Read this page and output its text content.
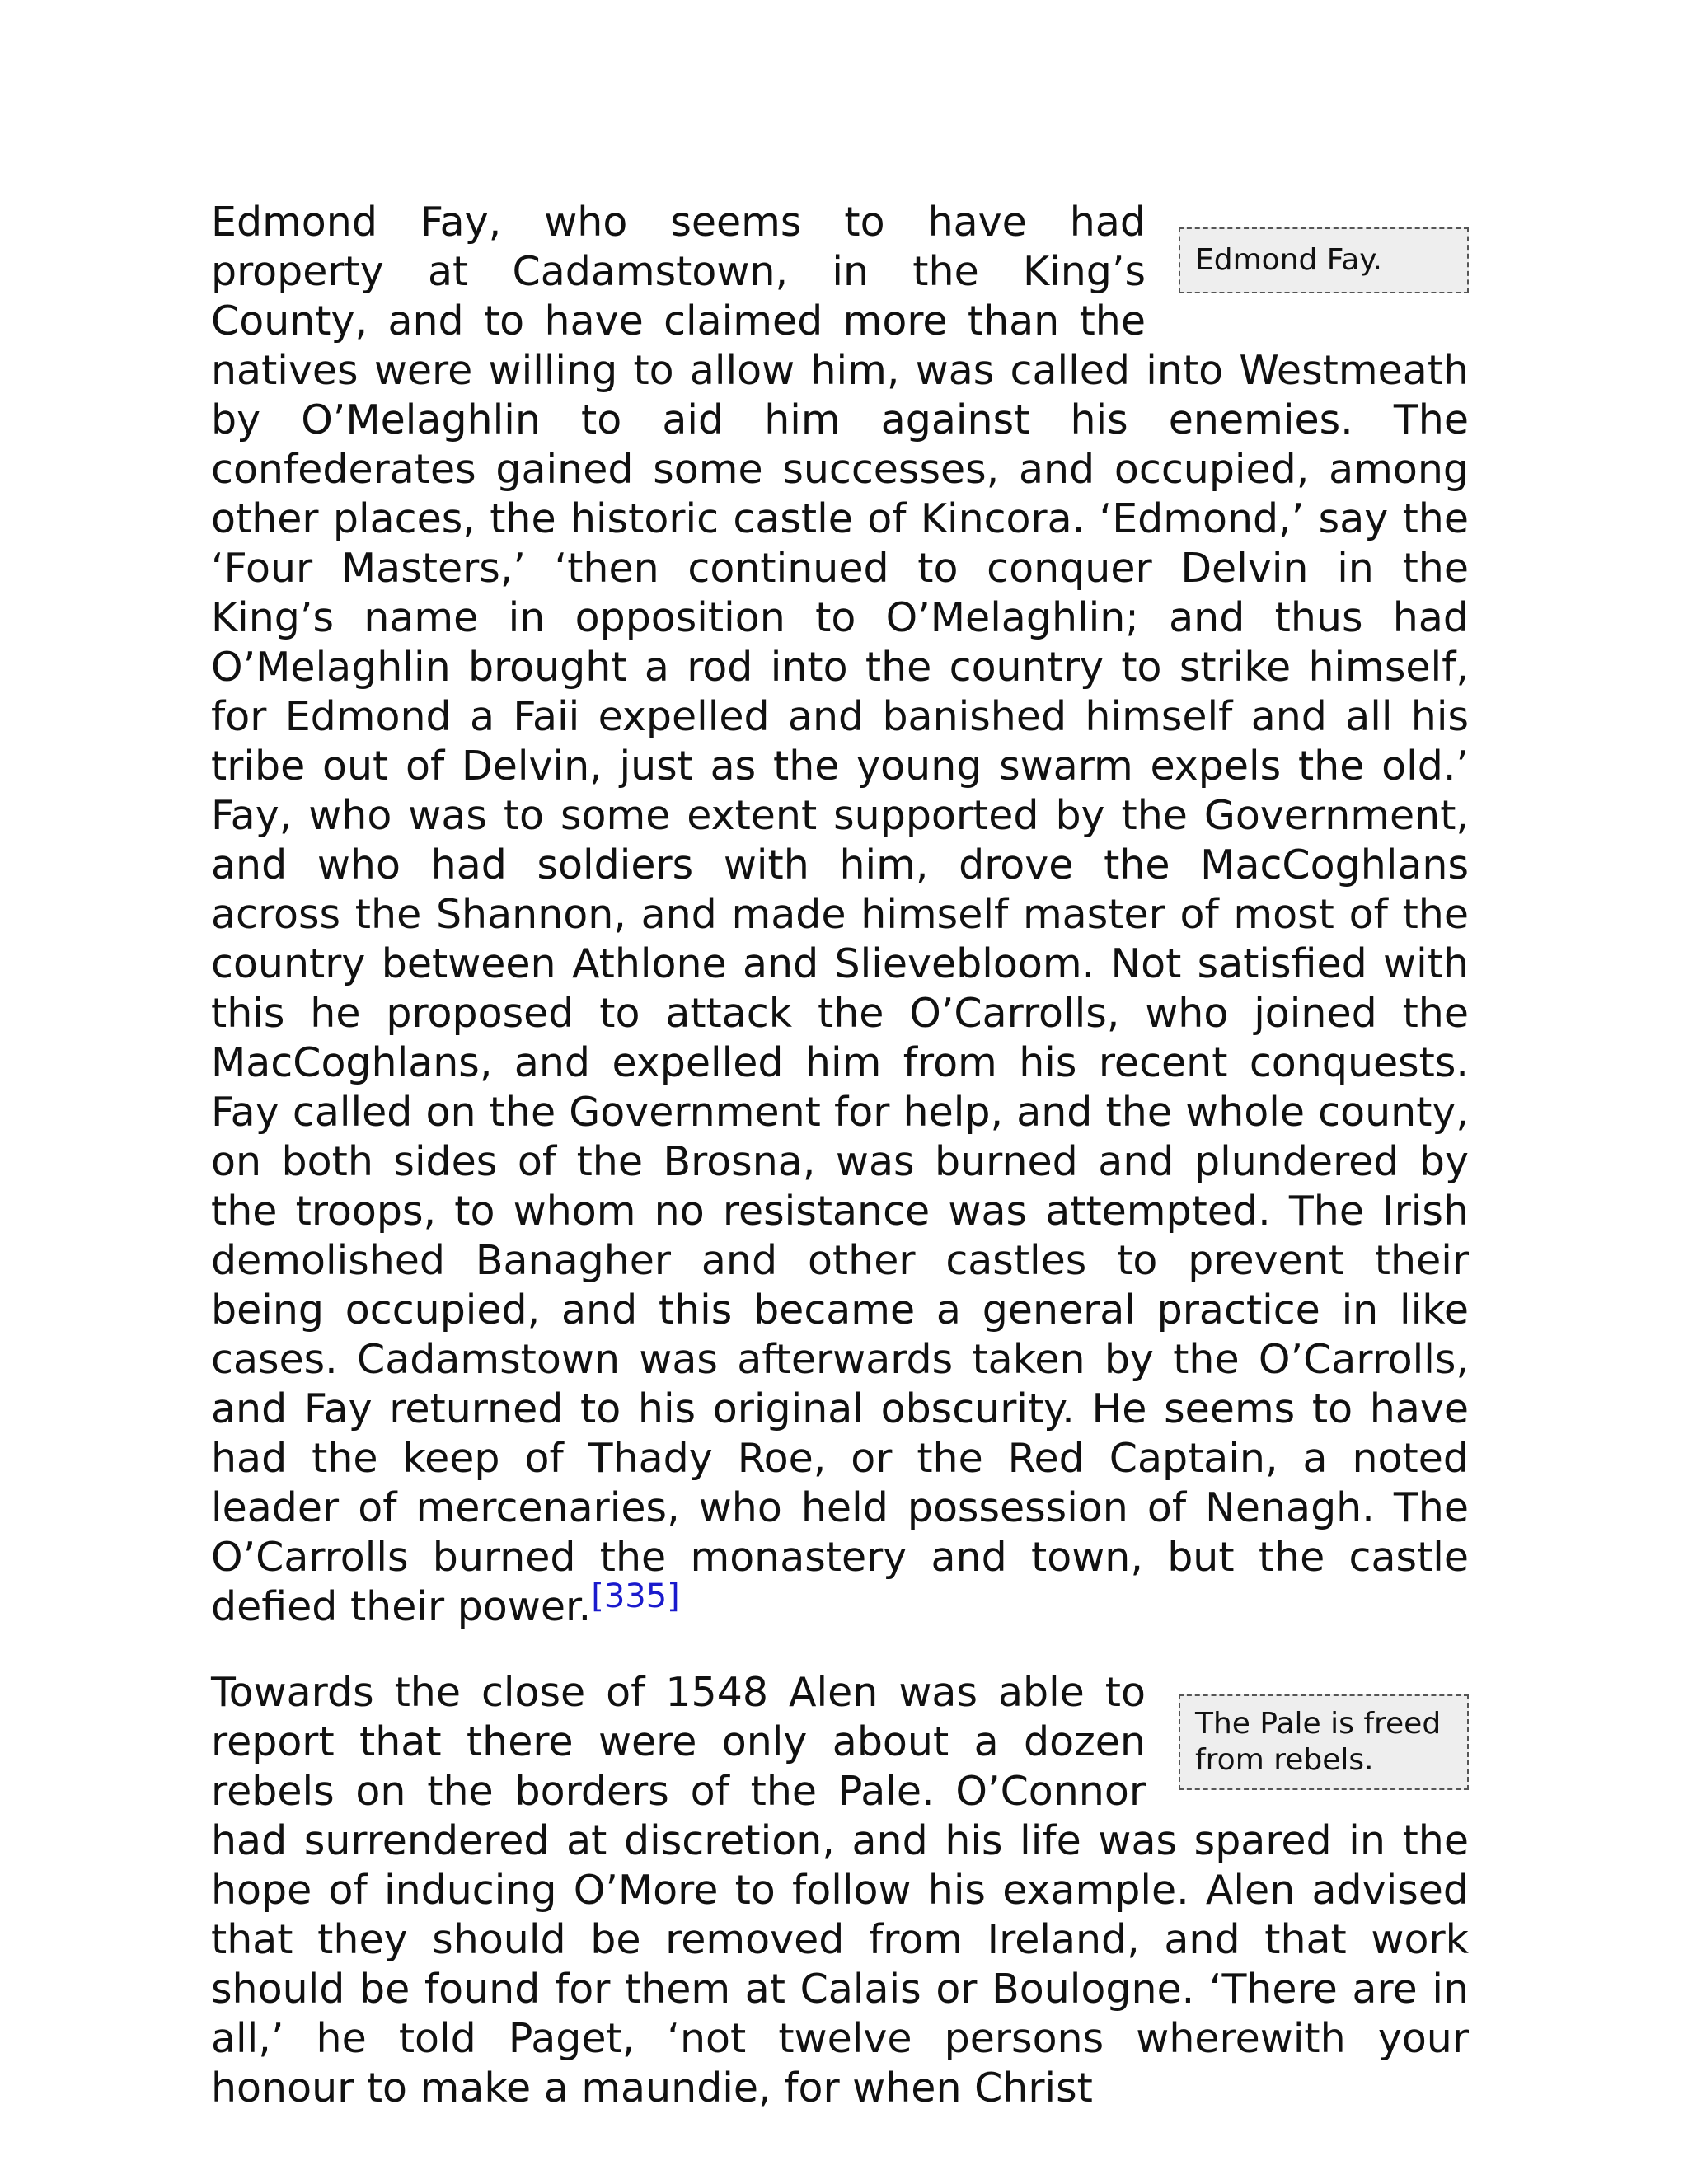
Edmond Fay.
Edmond Fay, who seems to have had property at Cadamstown, in the King’s County, and to have claimed more than the natives were willing to allow him, was called into Westmeath by O’Melaghlin to aid him against his enemies. The confederates gained some successes, and occupied, among other places, the historic castle of Kincora. ‘Edmond,’ say the ‘Four Masters,’ ‘then continued to conquer Delvin in the King’s name in opposition to O’Melaghlin; and thus had O’Melaghlin brought a rod into the country to strike himself, for Edmond a Faii expelled and banished himself and all his tribe out of Delvin, just as the young swarm expels the old.’ Fay, who was to some extent supported by the Government, and who had soldiers with him, drove the MacCoghlans across the Shannon, and made himself master of most of the country between Athlone and Slievebloom. Not satisfied with this he proposed to attack the O’Carrolls, who joined the MacCoghlans, and expelled him from his recent conquests. Fay called on the Government for help, and the whole county, on both sides of the Brosna, was burned and plundered by the troops, to whom no resistance was attempted. The Irish demolished Banagher and other castles to prevent their being occupied, and this became a general practice in like cases. Cadamstown was afterwards taken by the O’Carrolls, and Fay returned to his original obscurity. He seems to have had the keep of Thady Roe, or the Red Captain, a noted leader of mercenaries, who held possession of Nenagh. The O’Carrolls burned the monastery and town, but the castle defied their power.[335]

The Pale is freed from rebels.
Towards the close of 1548 Alen was able to report that there were only about a dozen rebels on the borders of the Pale. O’Connor had surrendered at discretion, and his life was spared in the hope of inducing O’More to follow his example. Alen advised that they should be removed from Ireland, and that work should be found for them at Calais or Boulogne. ‘There are in all,’ he told Paget, ‘not twelve persons wherewith your honour to make a maundie, for when Christ
